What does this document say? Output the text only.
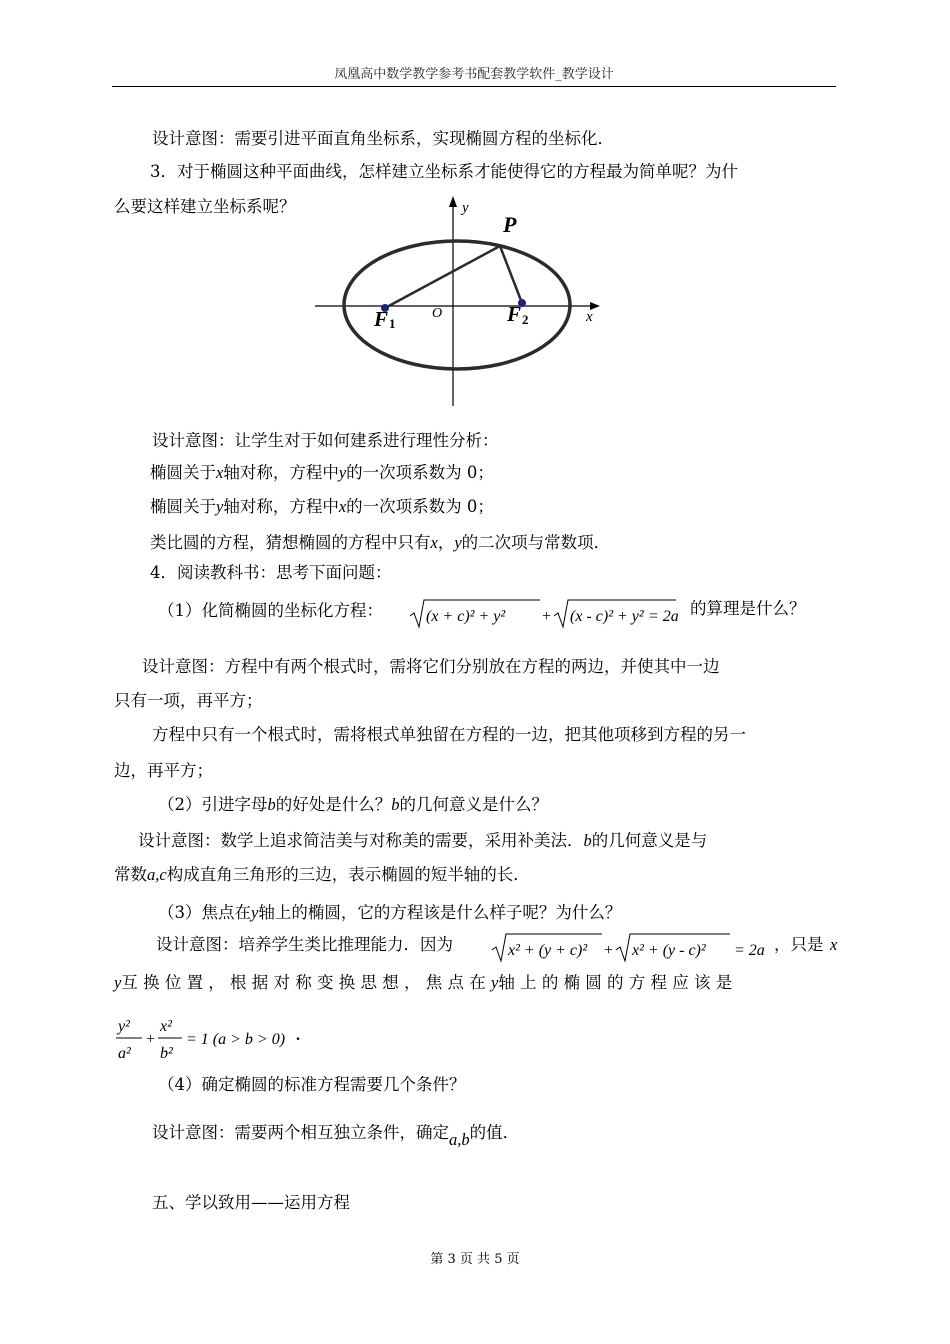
凤凰高中数学教学参考书配套教学软件_教学设计
设计意图：需要引进平面直角坐标系，实现椭圆方程的坐标化．
3．对于椭圆这种平面曲线，怎样建立坐标系才能使得它的方程最为简单呢？为什
么要这样建立坐标系呢？	y
x
O
P
F 1	F 2
设计意图：让学生对于如何建系进行理性分析：
椭圆关于x轴对称，方程中y的一次项系数为 0；
椭圆关于y轴对称，方程中x的一次项系数为 0；
类比圆的方程，猜想椭圆的方程中只有x，y的二次项与常数项．
4．阅读教科书：思考下面问题：
（1）化简椭圆的坐标化方程：	(x + c)² + y² + (x - c)² + y² = 2a 的算理是什么？
设计意图：方程中有两个根式时，需将它们分别放在方程的两边，并使其中一边
只有一项，再平方；
方程中只有一个根式时，需将根式单独留在方程的一边，把其他项移到方程的另一
边，再平方；
（2）引进字母b的好处是什么？b的几何意义是什么？
设计意图：数学上追求简洁美与对称美的需要，采用补美法．b的几何意义是与
常数a,c构成直角三角形的三边，表示椭圆的短半轴的长．
（3）焦点在y轴上的椭圆，它的方程该是什么样子呢？为什么？
设计意图：培养学生类比推理能力．因为	x² + (y + c)² + x² + (y - c)² = 2a ，只是 x
y互 换 位 置 ， 根 据 对 称 变 换 思 想 ， 焦 点 在 y轴 上 的 椭 圆 的 方 程 应 该 是
y²
a²
+
x²
b²
= 1 (a > b > 0) .
（4）确定椭圆的标准方程需要几个条件？
设计意图：需要两个相互独立条件，确定a,b的值．
五、学以致用——运用方程
第 3 页 共 5 页
